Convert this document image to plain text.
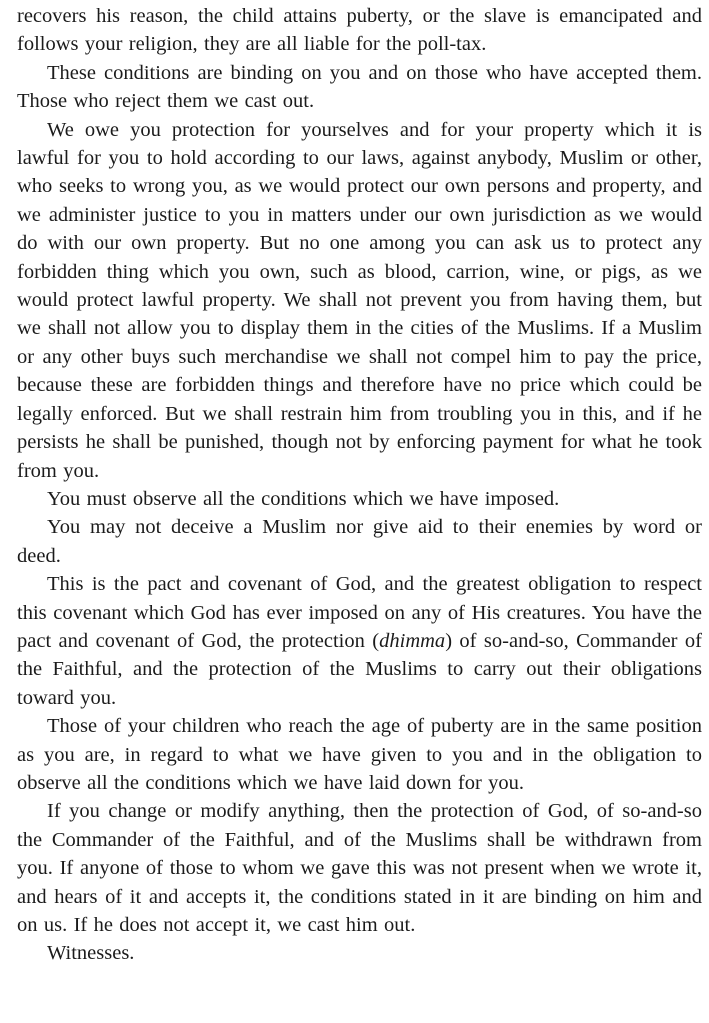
recovers his reason, the child attains puberty, or the slave is emancipated and follows your religion, they are all liable for the poll-tax.

These conditions are binding on you and on those who have accepted them. Those who reject them we cast out.

We owe you protection for yourselves and for your property which it is lawful for you to hold according to our laws, against anybody, Muslim or other, who seeks to wrong you, as we would protect our own persons and property, and we administer justice to you in matters under our own jurisdiction as we would do with our own property. But no one among you can ask us to protect any forbidden thing which you own, such as blood, carrion, wine, or pigs, as we would protect lawful property. We shall not prevent you from having them, but we shall not allow you to display them in the cities of the Muslims. If a Muslim or any other buys such merchandise we shall not compel him to pay the price, because these are forbidden things and therefore have no price which could be legally enforced. But we shall restrain him from troubling you in this, and if he persists he shall be punished, though not by enforcing payment for what he took from you.

You must observe all the conditions which we have imposed.

You may not deceive a Muslim nor give aid to their enemies by word or deed.

This is the pact and covenant of God, and the greatest obligation to respect this covenant which God has ever imposed on any of His creatures. You have the pact and covenant of God, the protection (dhimma) of so-and-so, Commander of the Faithful, and the protection of the Muslims to carry out their obligations toward you.

Those of your children who reach the age of puberty are in the same position as you are, in regard to what we have given to you and in the obligation to observe all the conditions which we have laid down for you.

If you change or modify anything, then the protection of God, of so-and-so the Commander of the Faithful, and of the Muslims shall be withdrawn from you. If anyone of those to whom we gave this was not present when we wrote it, and hears of it and accepts it, the conditions stated in it are binding on him and on us. If he does not accept it, we cast him out.

Witnesses.
